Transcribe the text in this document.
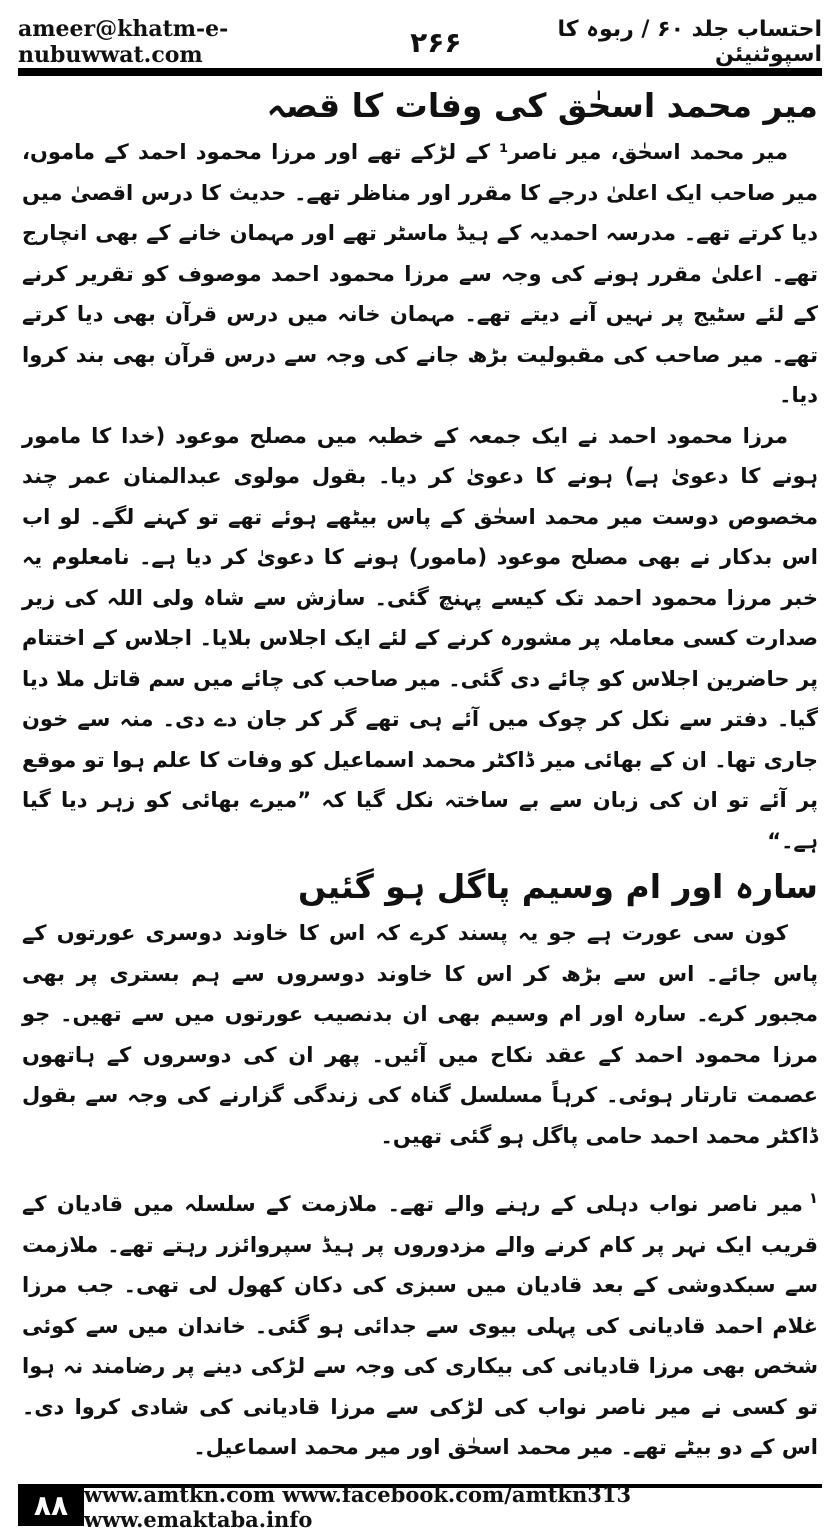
ameer@khatm-e-nubuwwat.com	۲۶۶	احتساب جلد ۶۰ / ربوہ کا اسپوٹنیئن
میر محمد اسحٰق کی وفات کا قصہ

میر محمد اسحٰق، میر ناصر¹ کے لڑکے تھے اور مرزا محمود احمد کے ماموں، میر صاحب ایک اعلیٰ درجے کا مقرر اور مناظر تھے۔ حدیث کا درس اقصیٰ میں دیا کرتے تھے۔ مدرسہ احمدیہ کے ہیڈ ماسٹر تھے اور مہمان خانے کے بھی انچارج تھے۔ اعلیٰ مقرر ہونے کی وجہ سے مرزا محمود احمد موصوف کو تقریر کرنے کے لئے سٹیج پر نہیں آنے دیتے تھے۔ مہمان خانہ میں درس قرآن بھی دیا کرتے تھے۔ میر صاحب کی مقبولیت بڑھ جانے کی وجہ سے درس قرآن بھی بند کروا دیا۔

مرزا محمود احمد نے ایک جمعہ کے خطبہ میں مصلح موعود (خدا کا مامور ہونے کا دعویٰ ہے) ہونے کا دعویٰ کر دیا۔ بقول مولوی عبدالمنان عمر چند مخصوص دوست میر محمد اسحٰق کے پاس بیٹھے ہوئے تھے تو کہنے لگے۔ لو اب اس بدکار نے بھی مصلح موعود (مامور) ہونے کا دعویٰ کر دیا ہے۔ نامعلوم یہ خبر مرزا محمود احمد تک کیسے پہنچ گئی۔ سازش سے شاہ ولی اللہ کی زیر صدارت کسی معاملہ پر مشورہ کرنے کے لئے ایک اجلاس بلایا۔ اجلاس کے اختتام پر حاضرین اجلاس کو چائے دی گئی۔ میر صاحب کی چائے میں سم قاتل ملا دیا گیا۔ دفتر سے نکل کر چوک میں آئے ہی تھے گر کر جان دے دی۔ منہ سے خون جاری تھا۔ ان کے بھائی میر ڈاکٹر محمد اسماعیل کو وفات کا علم ہوا تو موقع پر آئے تو ان کی زبان سے بے ساختہ نکل گیا کہ ”میرے بھائی کو زہر دیا گیا ہے۔“

سارہ اور ام وسیم پاگل ہو گئیں

کون سی عورت ہے جو یہ پسند کرے کہ اس کا خاوند دوسری عورتوں کے پاس جائے۔ اس سے بڑھ کر اس کا خاوند دوسروں سے ہم بستری پر بھی مجبور کرے۔ سارہ اور ام وسیم بھی ان بدنصیب عورتوں میں سے تھیں۔ جو مرزا محمود احمد کے عقد نکاح میں آئیں۔ پھر ان کی دوسروں کے ہاتھوں عصمت تارتار ہوئی۔ کرہاً مسلسل گناہ کی زندگی گزارنے کی وجہ سے بقول ڈاکٹر محمد احمد حامی پاگل ہو گئی تھیں۔

$^۱$میر ناصر نواب دہلی کے رہنے والے تھے۔ ملازمت کے سلسلہ میں قادیان کے قریب ایک نہر پر کام کرنے والے مزدوروں پر ہیڈ سپروائزر رہتے تھے۔ ملازمت سے سبکدوشی کے بعد قادیان میں سبزی کی دکان کھول لی تھی۔ جب مرزا غلام احمد قادیانی کی پہلی بیوی سے جدائی ہو گئی۔ خاندان میں سے کوئی شخص بھی مرزا قادیانی کی بیکاری کی وجہ سے لڑکی دینے پر رضامند نہ ہوا تو کسی نے میر ناصر نواب کی لڑکی سے مرزا قادیانی کی شادی کروا دی۔ اس کے دو بیٹے تھے۔ میر محمد اسحٰق اور میر محمد اسماعیل۔

۸۸ www.amtkn.com www.facebook.com/amtkn313 www.emaktaba.info
